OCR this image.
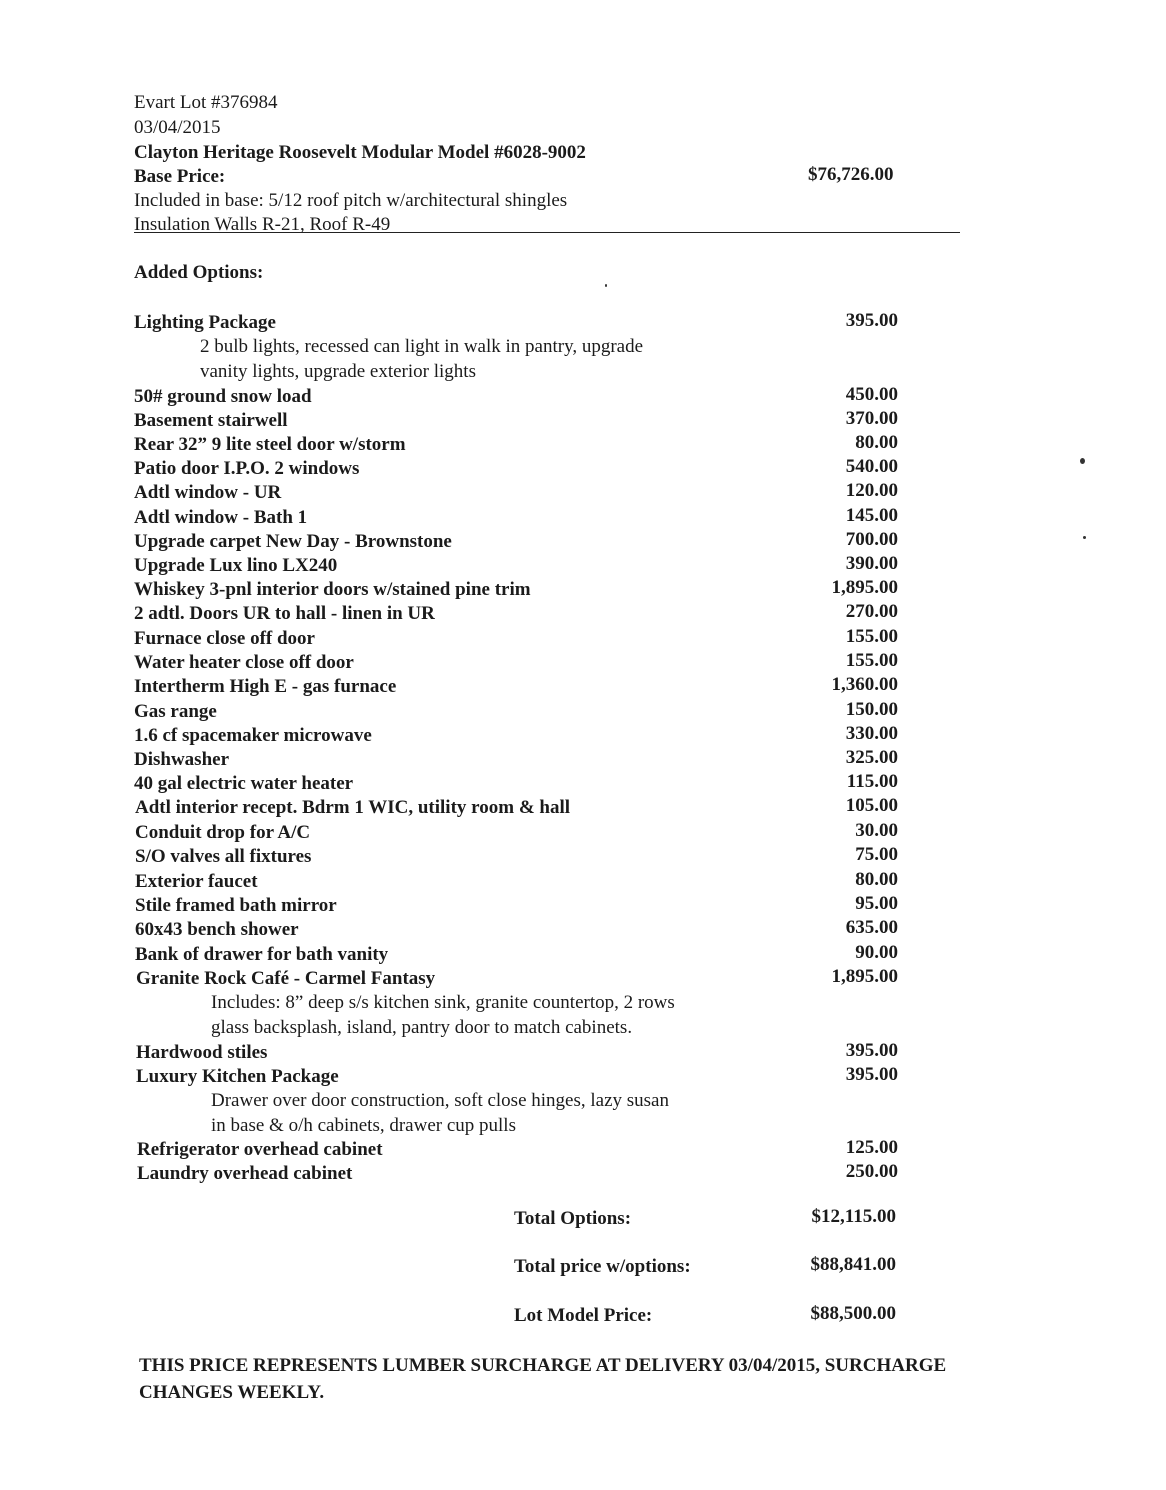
Evart Lot #376984
03/04/2015
Clayton Heritage Roosevelt Modular Model #6028-9002
Base Price:	$76,726.00
Included in base: 5/12 roof pitch w/architectural shingles
Insulation Walls R-21, Roof R-49
Added Options:
Lighting Package	395.00
2 bulb lights, recessed can light in walk in pantry, upgrade
vanity lights, upgrade exterior lights
50# ground snow load	450.00
Basement stairwell	370.00
Rear 32” 9 lite steel door w/storm	80.00
Patio door I.P.O. 2 windows	540.00
Adtl window - UR	120.00
Adtl window - Bath 1	145.00
Upgrade carpet New Day - Brownstone	700.00
Upgrade Lux lino LX240	390.00
Whiskey 3-pnl interior doors w/stained pine trim	1,895.00
2 adtl. Doors UR to hall - linen in UR	270.00
Furnace close off door	155.00
Water heater close off door	155.00
Intertherm High E - gas furnace	1,360.00
Gas range	150.00
1.6 cf spacemaker microwave	330.00
Dishwasher	325.00
40 gal electric water heater	115.00
Adtl interior recept. Bdrm 1 WIC, utility room & hall	105.00
Conduit drop for A/C	30.00
S/O valves all fixtures	75.00
Exterior faucet	80.00
Stile framed bath mirror	95.00
60x43 bench shower	635.00
Bank of drawer for bath vanity	90.00
Granite Rock Café - Carmel Fantasy	1,895.00
Includes: 8” deep s/s kitchen sink, granite countertop, 2 rows
glass backsplash, island, pantry door to match cabinets.
Hardwood stiles	395.00
Luxury Kitchen Package	395.00
Drawer over door construction, soft close hinges, lazy susan
in base & o/h cabinets, drawer cup pulls
Refrigerator overhead cabinet	125.00
Laundry overhead cabinet	250.00
Total Options:	$12,115.00
Total price w/options:	$88,841.00
Lot Model Price:	$88,500.00
THIS PRICE REPRESENTS LUMBER SURCHARGE AT DELIVERY 03/04/2015, SURCHARGE CHANGES WEEKLY.
